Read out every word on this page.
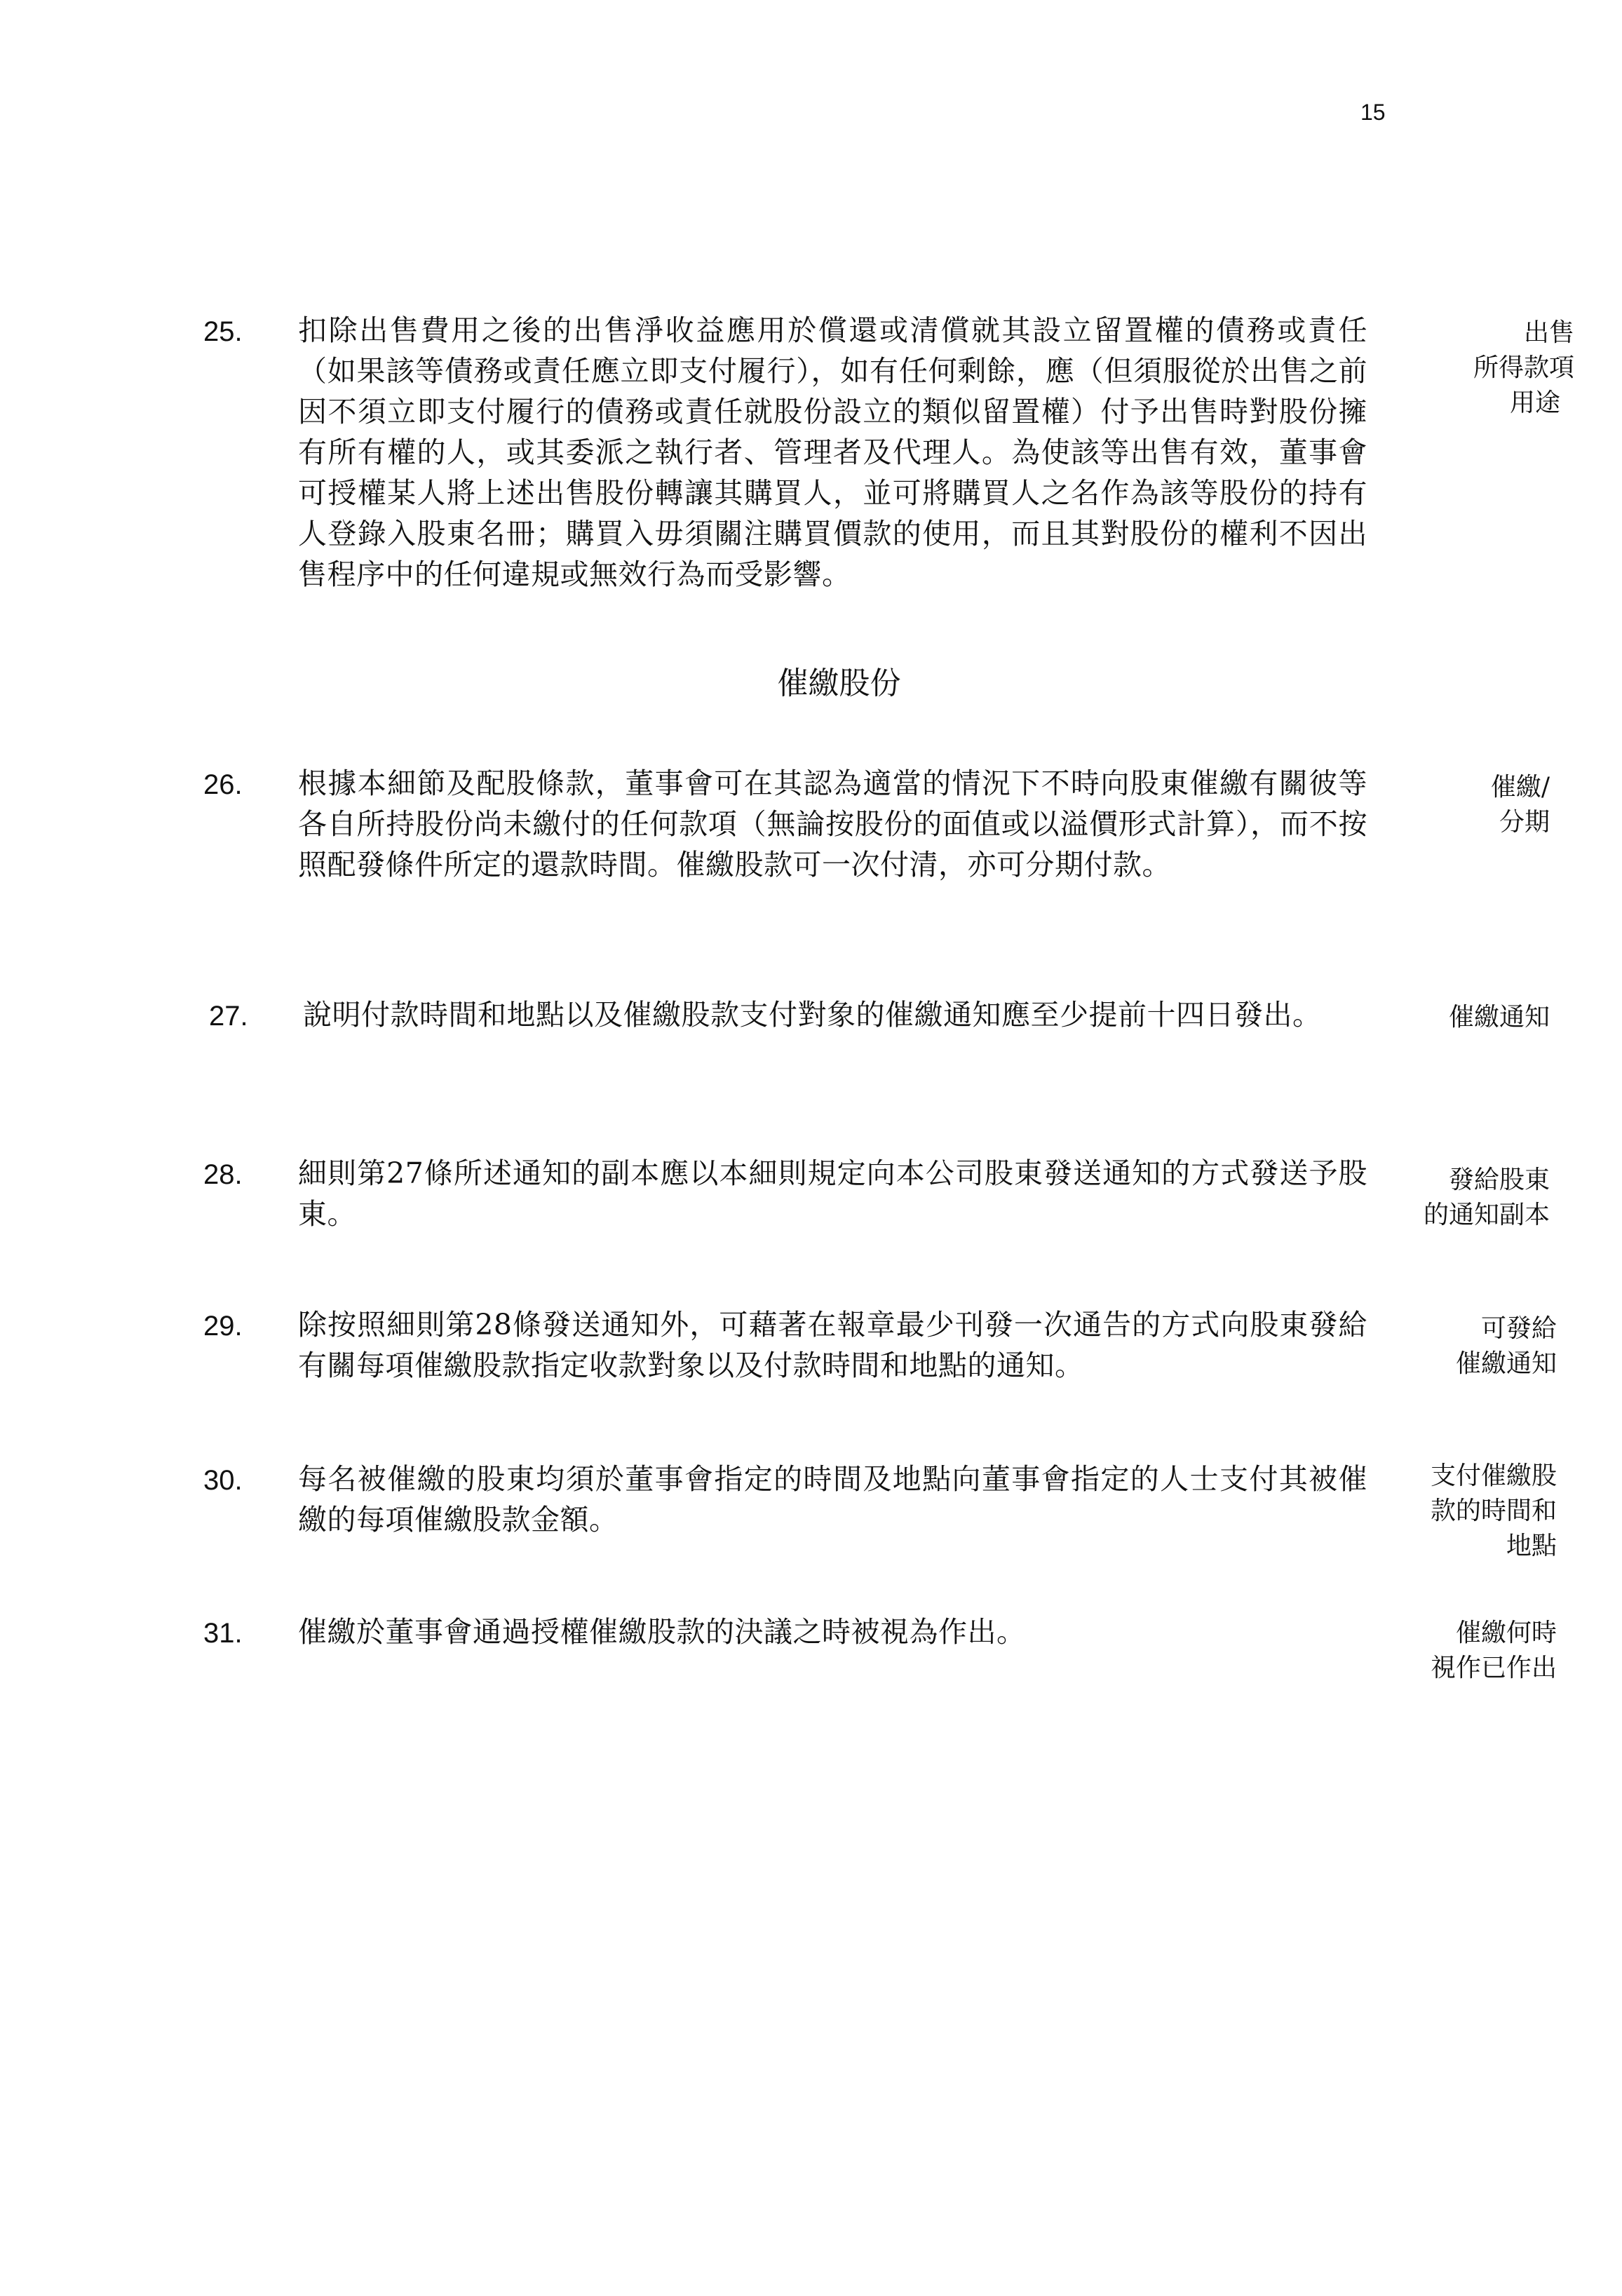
15
25. 扣除出售費用之後的出售淨收益應用於償還或清償就其設立留置權的債務或責任（如果該等債務或責任應立即支付履行），如有任何剩餘，應（但須服從於出售之前因不須立即支付履行的債務或責任就股份設立的類似留置權）付予出售時對股份擁有所有權的人，或其委派之執行者、管理者及代理人。為使該等出售有效，董事會可授權某人將上述出售股份轉讓其購買人，並可將購買人之名作為該等股份的持有人登錄入股東名冊；購買入毋須關注購買價款的使用，而且其對股份的權利不因出售程序中的任何違規或無效行為而受影響。
出售
所得款項
用途
催繳股份
26. 根據本細節及配股條款，董事會可在其認為適當的情況下不時向股東催繳有關彼等各自所持股份尚未繳付的任何款項（無論按股份的面值或以溢價形式計算），而不按照配發條件所定的還款時間。催繳股款可一次付清，亦可分期付款。
催繳/
分期
27. 說明付款時間和地點以及催繳股款支付對象的催繳通知應至少提前十四日發出。	催繳通知
28. 細則第27條所述通知的副本應以本細則規定向本公司股東發送通知的方式發送予股東。
發給股東
的通知副本
29. 除按照細則第28條發送通知外，可藉著在報章最少刊發一次通告的方式向股東發給有關每項催繳股款指定收款對象以及付款時間和地點的通知。
可發給
催繳通知
30. 每名被催繳的股東均須於董事會指定的時間及地點向董事會指定的人士支付其被催繳的每項催繳股款金額。
支付催繳股
款的時間和
地點
31. 催繳於董事會通過授權催繳股款的決議之時被視為作出。	催繳何時
視作已作出
